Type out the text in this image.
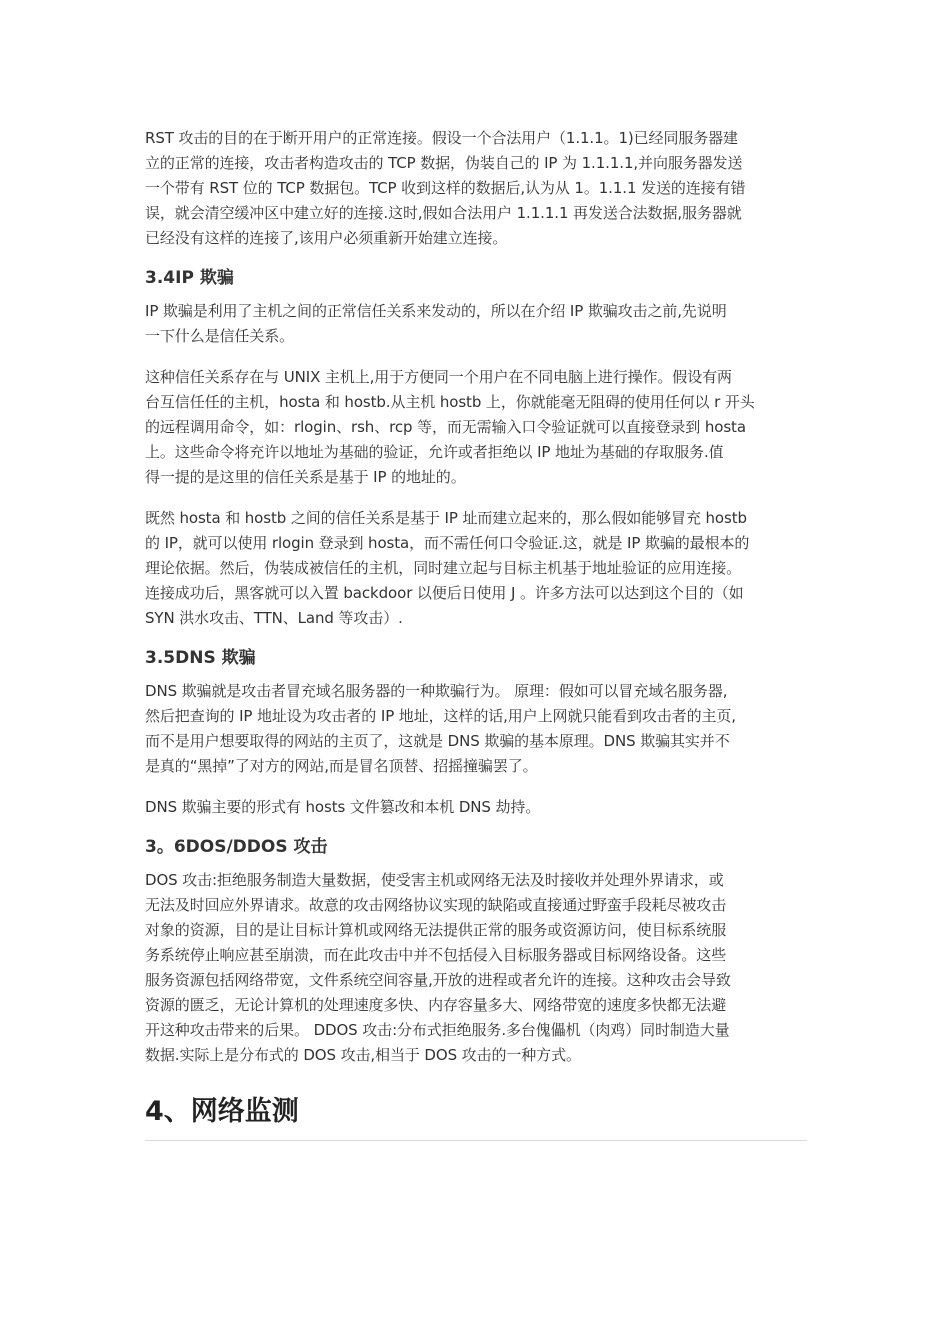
RST 攻击的目的在于断开用户的正常连接。假设一个合法用户（1.1.1。1)已经同服务器建
立的正常的连接，攻击者构造攻击的 TCP 数据，伪装自己的 IP 为 1.1.1.1,并向服务器发送
一个带有 RST 位的 TCP 数据包。TCP 收到这样的数据后,认为从 1。1.1.1 发送的连接有错
误，就会清空缓冲区中建立好的连接.这时,假如合法用户 1.1.1.1 再发送合法数据,服务器就
已经没有这样的连接了,该用户必须重新开始建立连接。

3.4IP 欺骗

IP 欺骗是利用了主机之间的正常信任关系来发动的，所以在介绍 IP 欺骗攻击之前,先说明
一下什么是信任关系。

这种信任关系存在与 UNIX 主机上,用于方便同一个用户在不同电脑上进行操作。假设有两
台互信任任的主机，hosta 和 hostb.从主机 hostb 上，你就能毫无阻碍的使用任何以 r 开头
的远程调用命令，如：rlogin、rsh、rcp 等，而无需输入口令验证就可以直接登录到 hosta
上。这些命令将充许以地址为基础的验证，允许或者拒绝以 IP 地址为基础的存取服务.值
得一提的是这里的信任关系是基于 IP 的地址的。

既然 hosta 和 hostb 之间的信任关系是基于 IP 址而建立起来的，那么假如能够冒充 hostb
的 IP，就可以使用 rlogin 登录到 hosta，而不需任何口令验证.这，就是 IP 欺骗的最根本的
理论依据。然后，伪装成被信任的主机，同时建立起与目标主机基于地址验证的应用连接。
连接成功后，黑客就可以入置 backdoor 以便后日使用 J 。许多方法可以达到这个目的（如
SYN 洪水攻击、TTN、Land 等攻击）.

3.5DNS 欺骗

DNS 欺骗就是攻击者冒充域名服务器的一种欺骗行为。 原理：假如可以冒充域名服务器,
然后把查询的 IP 地址设为攻击者的 IP 地址，这样的话,用户上网就只能看到攻击者的主页,
而不是用户想要取得的网站的主页了，这就是 DNS 欺骗的基本原理。DNS 欺骗其实并不
是真的“黑掉”了对方的网站,而是冒名顶替、招摇撞骗罢了。

DNS 欺骗主要的形式有 hosts 文件篡改和本机 DNS 劫持。

3。6DOS/DDOS 攻击

DOS 攻击:拒绝服务制造大量数据，使受害主机或网络无法及时接收并处理外界请求，或
无法及时回应外界请求。故意的攻击网络协议实现的缺陷或直接通过野蛮手段耗尽被攻击
对象的资源，目的是让目标计算机或网络无法提供正常的服务或资源访问，使目标系统服
务系统停止响应甚至崩溃，而在此攻击中并不包括侵入目标服务器或目标网络设备。这些
服务资源包括网络带宽，文件系统空间容量,开放的进程或者允许的连接。这种攻击会导致
资源的匮乏，无论计算机的处理速度多快、内存容量多大、网络带宽的速度多快都无法避
开这种攻击带来的后果。 DDOS 攻击:分布式拒绝服务.多台傀儡机（肉鸡）同时制造大量
数据.实际上是分布式的 DOS 攻击,相当于 DOS 攻击的一种方式。

4、网络监测
